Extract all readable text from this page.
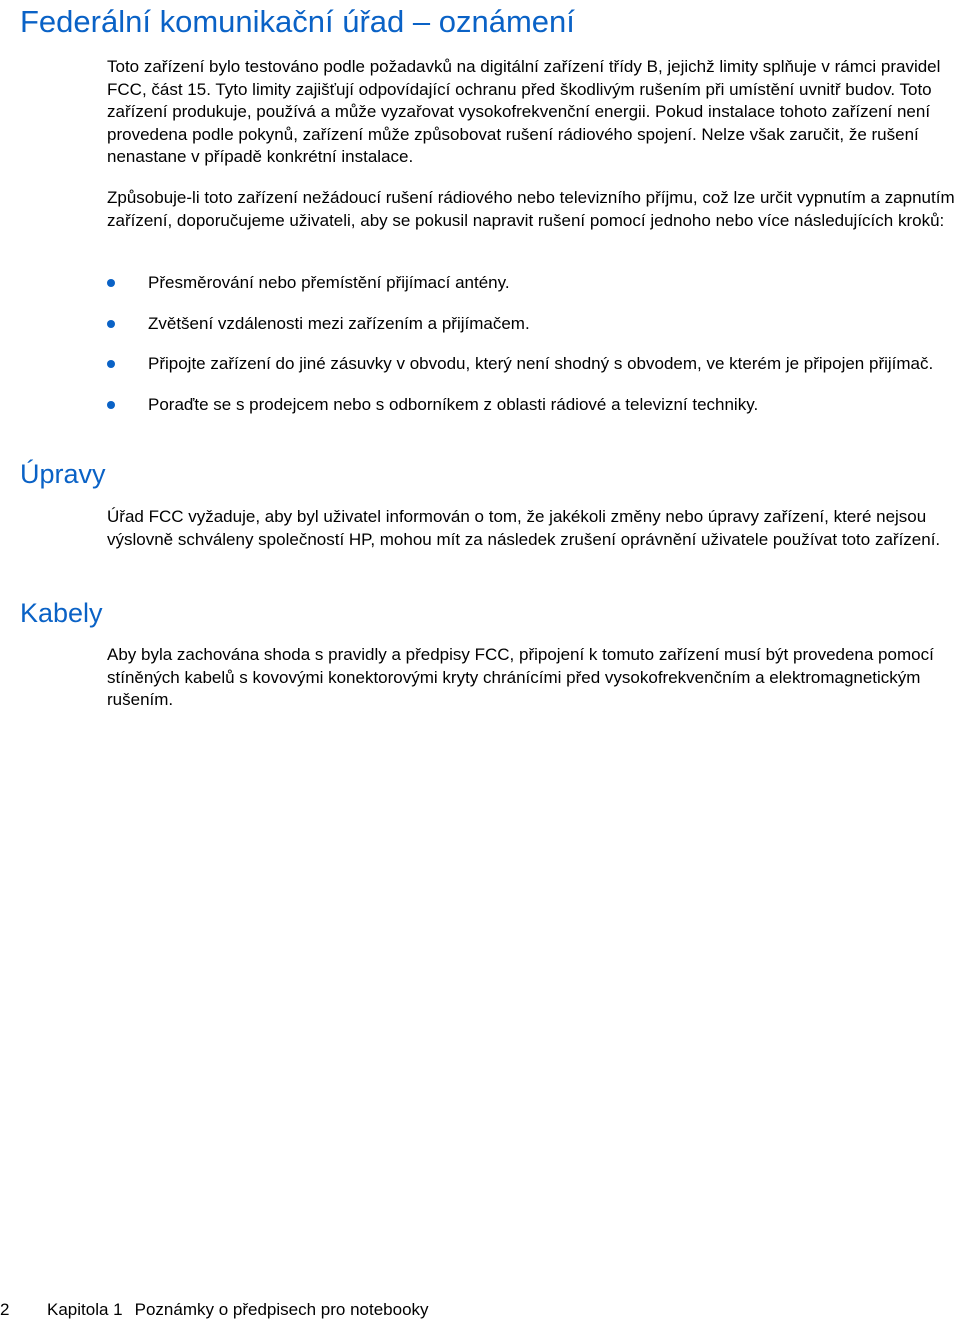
Federální komunikační úřad – oznámení

Toto zařízení bylo testováno podle požadavků na digitální zařízení třídy B, jejichž limity splňuje v rámci pravidel FCC, část 15. Tyto limity zajišťují odpovídající ochranu před škodlivým rušením při umístění uvnitř budov. Toto zařízení produkuje, používá a může vyzařovat vysokofrekvenční energii. Pokud instalace tohoto zařízení není provedena podle pokynů, zařízení může způsobovat rušení rádiového spojení. Nelze však zaručit, že rušení nenastane v případě konkrétní instalace.

Způsobuje-li toto zařízení nežádoucí rušení rádiového nebo televizního příjmu, což lze určit vypnutím a zapnutím zařízení, doporučujeme uživateli, aby se pokusil napravit rušení pomocí jednoho nebo více následujících kroků:

Přesměrování nebo přemístění přijímací antény.
Zvětšení vzdálenosti mezi zařízením a přijímačem.
Připojte zařízení do jiné zásuvky v obvodu, který není shodný s obvodem, ve kterém je připojen přijímač.
Poraďte se s prodejcem nebo s odborníkem z oblasti rádiové a televizní techniky.
Úpravy

Úřad FCC vyžaduje, aby byl uživatel informován o tom, že jakékoli změny nebo úpravy zařízení, které nejsou výslovně schváleny společností HP, mohou mít za následek zrušení oprávnění uživatele používat toto zařízení.

Kabely

Aby byla zachována shoda s pravidly a předpisy FCC, připojení k tomuto zařízení musí být provedena pomocí stíněných kabelů s kovovými konektorovými kryty chránícími před vysokofrekvenčním a elektromagnetickým rušením.

2 Kapitola 1 Poznámky o předpisech pro notebooky
